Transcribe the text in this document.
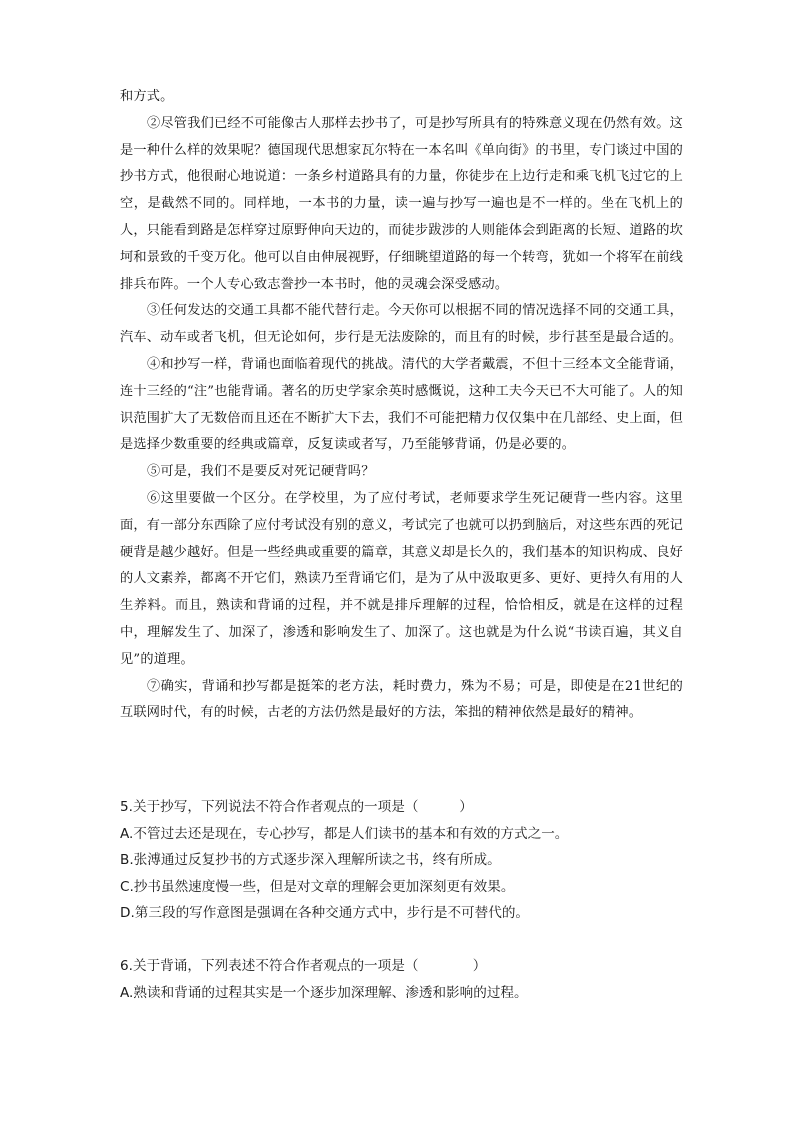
和方式。

②尽管我们已经不可能像古人那样去抄书了，可是抄写所具有的特殊意义现在仍然有效。这是一种什么样的效果呢？德国现代思想家瓦尔特在一本名叫《单向街》的书里，专门谈过中国的抄书方式，他很耐心地说道：一条乡村道路具有的力量，你徒步在上边行走和乘飞机飞过它的上空，是截然不同的。同样地，一本书的力量，读一遍与抄写一遍也是不一样的。坐在飞机上的人，只能看到路是怎样穿过原野伸向天边的，而徒步跋涉的人则能体会到距离的长短、道路的坎坷和景致的千变万化。他可以自由伸展视野，仔细眺望道路的每一个转弯，犹如一个将军在前线排兵布阵。一个人专心致志誊抄一本书时，他的灵魂会深受感动。

③任何发达的交通工具都不能代替行走。今天你可以根据不同的情况选择不同的交通工具，汽车、动车或者飞机，但无论如何，步行是无法废除的，而且有的时候，步行甚至是最合适的。

④和抄写一样，背诵也面临着现代的挑战。清代的大学者戴震，不但十三经本文全能背诵，连十三经的“注”也能背诵。著名的历史学家余英时感慨说，这种工夫今天已不大可能了。人的知识范围扩大了无数倍而且还在不断扩大下去，我们不可能把精力仅仅集中在几部经、史上面，但是选择少数重要的经典或篇章，反复读或者写，乃至能够背诵，仍是必要的。

⑤可是，我们不是要反对死记硬背吗？

⑥这里要做一个区分。在学校里，为了应付考试，老师要求学生死记硬背一些内容。这里面，有一部分东西除了应付考试没有别的意义，考试完了也就可以扔到脑后，对这些东西的死记硬背是越少越好。但是一些经典或重要的篇章，其意义却是长久的，我们基本的知识构成、良好的人文素养，都离不开它们，熟读乃至背诵它们，是为了从中汲取更多、更好、更持久有用的人生养料。而且，熟读和背诵的过程，并不就是排斥理解的过程，恰恰相反，就是在这样的过程中，理解发生了、加深了，渗透和影响发生了、加深了。这也就是为什么说“书读百遍，其义自见”的道理。

⑦确实，背诵和抄写都是挺笨的老方法，耗时费力，殊为不易；可是，即使是在21世纪的互联网时代，有的时候，古老的方法仍然是最好的方法，笨拙的精神依然是最好的精神。

5.关于抄写，下列说法不符合作者观点的一项是（　　　）

A.不管过去还是现在，专心抄写，都是人们读书的基本和有效的方式之一。

B.张溥通过反复抄书的方式逐步深入理解所读之书，终有所成。

C.抄书虽然速度慢一些，但是对文章的理解会更加深刻更有效果。

D.第三段的写作意图是强调在各种交通方式中，步行是不可替代的。

6.关于背诵，下列表述不符合作者观点的一项是（　　　　）

A.熟读和背诵的过程其实是一个逐步加深理解、渗透和影响的过程。
